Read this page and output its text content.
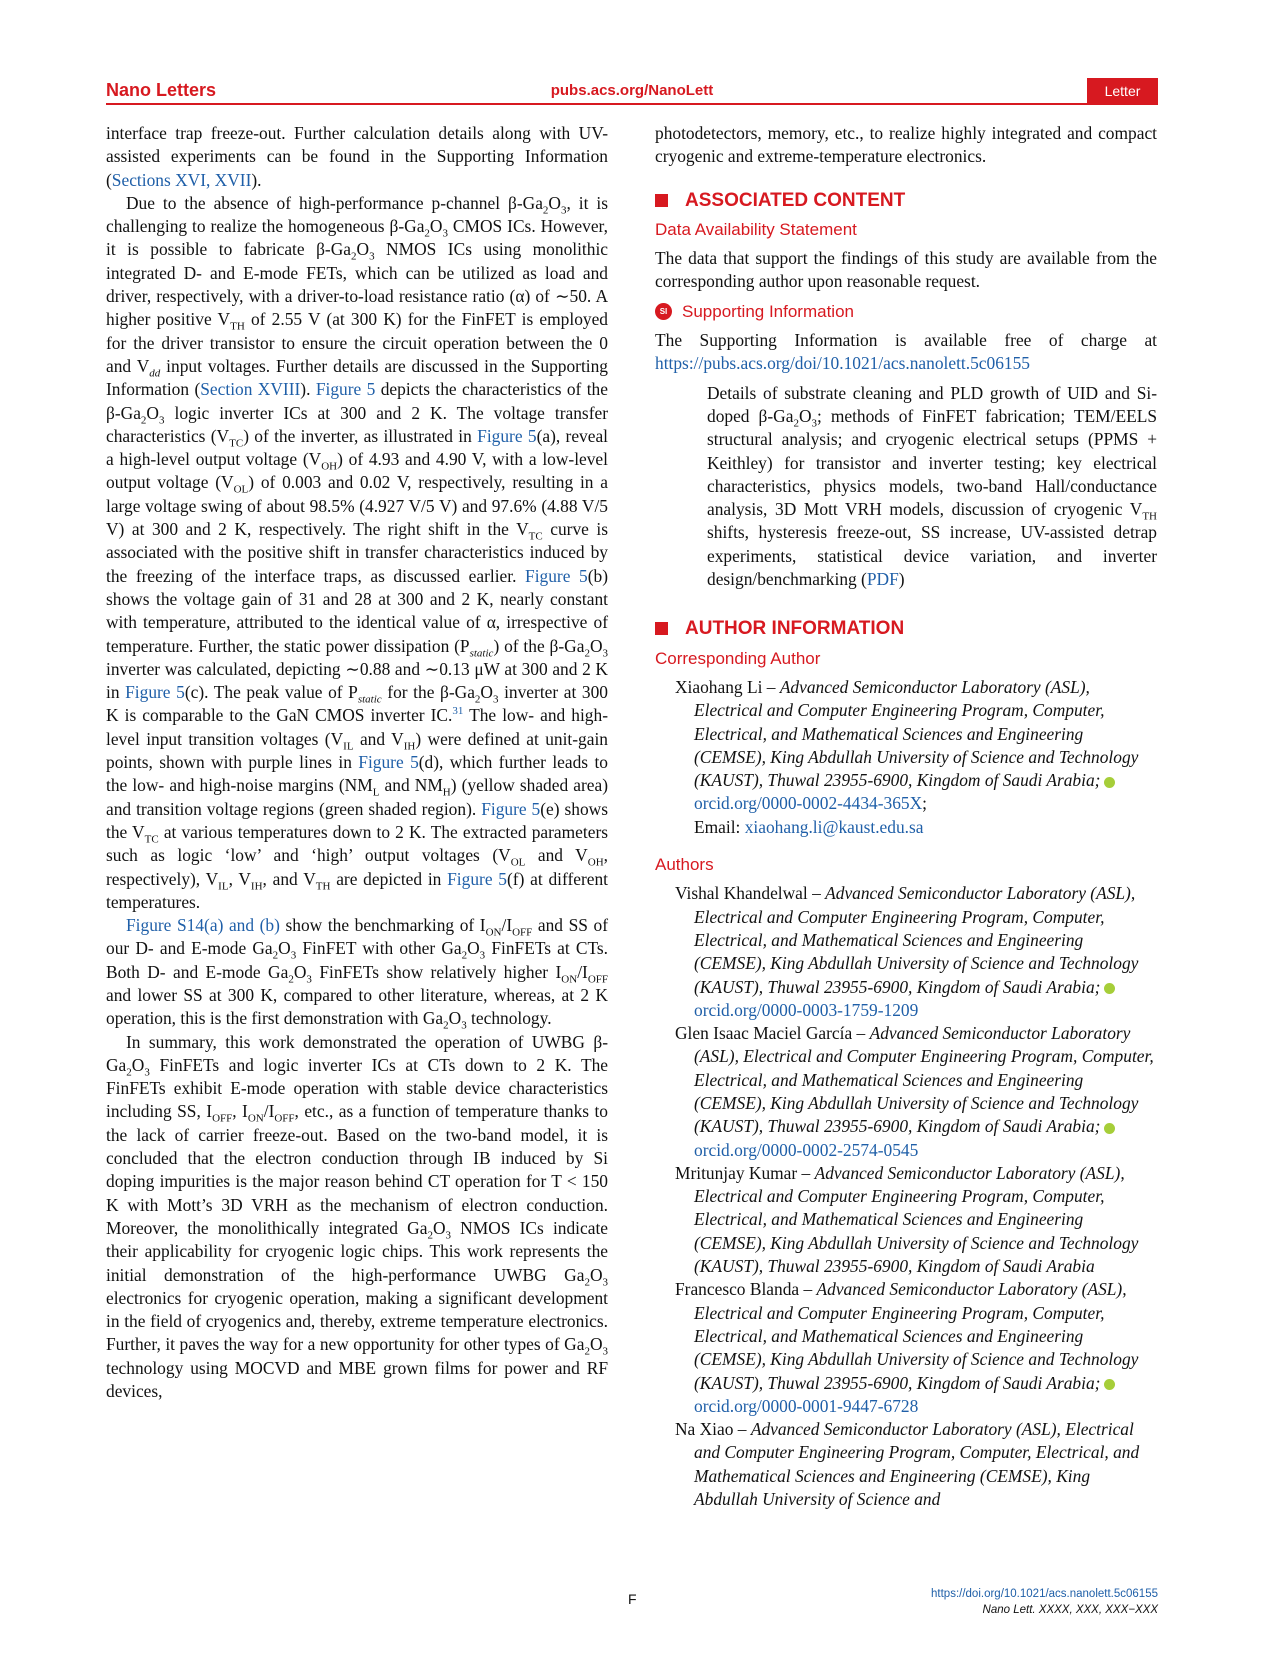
Nano Letters	pubs.acs.org/NanoLett	Letter

interface trap freeze-out. Further calculation details along with UV-assisted experiments can be found in the Supporting Information (Sections XVI, XVII).

Due to the absence of high-performance p-channel $\beta-Ga_2O_3$, it is challenging to realize the homogeneous $\beta-Ga_2O_3$ CMOS ICs. However, it is possible to fabricate $\beta-Ga_2O_3$ NMOS ICs using monolithic integrated D- and E-mode FETs, which can be utilized as load and driver, respectively, with a driver-to-load resistance ratio (α) of ∼50. A higher positive $V_{TH}$ of 2.55 V (at 300 K) for the FinFET is employed for the driver transistor to ensure the circuit operation between the 0 and $V_{dd}$ input voltages. Further details are discussed in the Supporting Information (Section XVIII). Figure 5 depicts the characteristics of the $\beta-Ga_2O_3$ logic inverter ICs at 300 and 2 K. The voltage transfer characteristics $(V_{TC})$ of the inverter, as illustrated in Figure 5(a), reveal a high-level output voltage $(V_{OH})$ of 4.93 and 4.90 V, with a low-level output voltage $(V_{OL})$ of 0.003 and 0.02 V, respectively, resulting in a large voltage swing of about 98.5% (4.927 V/5 V) and 97.6% (4.88 V/5 V) at 300 and 2 K, respectively. The right shift in the $V_{TC}$ curve is associated with the positive shift in transfer characteristics induced by the freezing of the interface traps, as discussed earlier. Figure 5(b) shows the voltage gain of 31 and 28 at 300 and 2 K, nearly constant with temperature, attributed to the identical value of α, irrespective of temperature. Further, the static power dissipation $(P_{static})$ of the $\beta-Ga_2O_3$ inverter was calculated, depicting ∼0.88 and ∼0.13 μW at 300 and 2 K in Figure 5(c). The peak value of $P_{static}$ for the $\beta-Ga_2O_3$ inverter at 300 K is comparable to the GaN CMOS inverter IC.$^{31}$ The low- and high-level input transition voltages ($V_{IL}$ and $V_{IH}$) were defined at unit-gain points, shown with purple lines in Figure 5(d), which further leads to the low- and high-noise margins ($NM_L$ and $NM_H$) (yellow shaded area) and transition voltage regions (green shaded region). Figure 5(e) shows the $V_{TC}$ at various temperatures down to 2 K. The extracted parameters such as logic ‘low’ and ‘high’ output voltages ($V_{OL}$ and $V_{OH}$, respectively), $V_{IL}$, $V_{IH}$, and $V_{TH}$ are depicted in Figure 5(f) at different temperatures.

Figure S14(a) and (b) show the benchmarking of $I_{ON}/I_{OFF}$ and SS of our D- and E-mode $Ga_2O_3$ FinFET with other $Ga_2O_3$ FinFETs at CTs. Both D- and E-mode $Ga_2O_3$ FinFETs show relatively higher $I_{ON}/I_{OFF}$ and lower SS at 300 K, compared to other literature, whereas, at 2 K operation, this is the first demonstration with $Ga_2O_3$ technology.

In summary, this work demonstrated the operation of UWBG $\beta-Ga_2O_3$ FinFETs and logic inverter ICs at CTs down to 2 K. The FinFETs exhibit E-mode operation with stable device characteristics including SS, $I_{OFF}$, $I_{ON}/I_{OFF}$, etc., as a function of temperature thanks to the lack of carrier freeze-out. Based on the two-band model, it is concluded that the electron conduction through IB induced by Si doping impurities is the major reason behind CT operation for T < 150 K with Mott’s 3D VRH as the mechanism of electron conduction. Moreover, the monolithically integrated $Ga_2O_3$ NMOS ICs indicate their applicability for cryogenic logic chips. This work represents the initial demonstration of the high-performance UWBG $Ga_2O_3$ electronics for cryogenic operation, making a significant development in the field of cryogenics and, thereby, extreme temperature electronics. Further, it paves the way for a new opportunity for other types of $Ga_2O_3$ technology using MOCVD and MBE grown films for power and RF devices,

photodetectors, memory, etc., to realize highly integrated and compact cryogenic and extreme-temperature electronics.

ASSOCIATED CONTENT
Data Availability Statement

The data that support the findings of this study are available from the corresponding author upon reasonable request.

SI Supporting Information

The Supporting Information is available free of charge at https://pubs.acs.org/doi/10.1021/acs.nanolett.5c06155

Details of substrate cleaning and PLD growth of UID and Si-doped $\beta-Ga_2O_3$; methods of FinFET fabrication; TEM/EELS structural analysis; and cryogenic electrical setups (PPMS + Keithley) for transistor and inverter testing; key electrical characteristics, physics models, two-band Hall/conductance analysis, 3D Mott VRH models, discussion of cryogenic $V_{TH}$ shifts, hysteresis freeze-out, SS increase, UV-assisted detrap experiments, statistical device variation, and inverter design/benchmarking (PDF)

AUTHOR INFORMATION
Corresponding Author

Xiaohang Li – Advanced Semiconductor Laboratory (ASL), Electrical and Computer Engineering Program, Computer, Electrical, and Mathematical Sciences and Engineering (CEMSE), King Abdullah University of Science and Technology (KAUST), Thuwal 23955-6900, Kingdom of Saudi Arabia;orcid.org/0000-0002-4434-365X;
Email: xiaohang.li@kaust.edu.sa

Authors

Vishal Khandelwal – Advanced Semiconductor Laboratory (ASL), Electrical and Computer Engineering Program, Computer, Electrical, and Mathematical Sciences and Engineering (CEMSE), King Abdullah University of Science and Technology (KAUST), Thuwal 23955-6900, Kingdom of Saudi Arabia;orcid.org/0000-0003-1759-1209

Glen Isaac Maciel García – Advanced Semiconductor Laboratory (ASL), Electrical and Computer Engineering Program, Computer, Electrical, and Mathematical Sciences and Engineering (CEMSE), King Abdullah University of Science and Technology (KAUST), Thuwal 23955-6900, Kingdom of Saudi Arabia;orcid.org/0000-0002-2574-0545

Mritunjay Kumar – Advanced Semiconductor Laboratory (ASL), Electrical and Computer Engineering Program, Computer, Electrical, and Mathematical Sciences and Engineering (CEMSE), King Abdullah University of Science and Technology (KAUST), Thuwal 23955-6900, Kingdom of Saudi Arabia

Francesco Blanda – Advanced Semiconductor Laboratory (ASL), Electrical and Computer Engineering Program, Computer, Electrical, and Mathematical Sciences and Engineering (CEMSE), King Abdullah University of Science and Technology (KAUST), Thuwal 23955-6900, Kingdom of Saudi Arabia;orcid.org/0000-0001-9447-6728

Na Xiao – Advanced Semiconductor Laboratory (ASL), Electrical and Computer Engineering Program, Computer, Electrical, and Mathematical Sciences and Engineering (CEMSE), King Abdullah University of Science and

F	https://doi.org/10.1021/acs.nanolett.5c06155
Nano Lett. XXXX, XXX, XXX−XXX
